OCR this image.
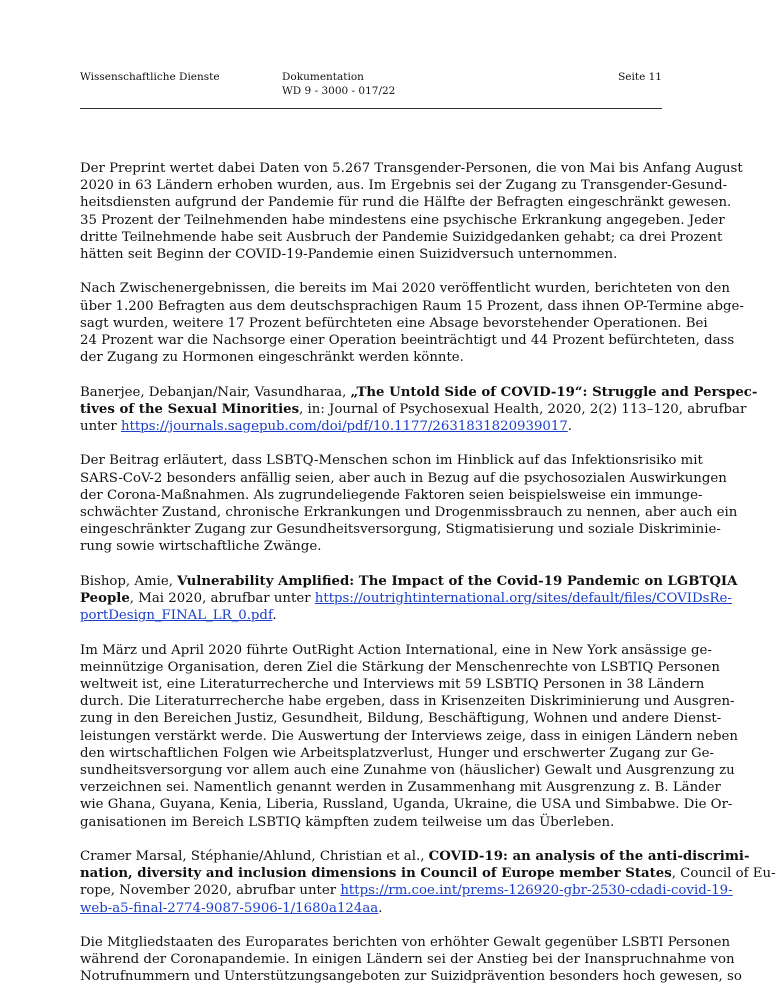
Wissenschaftliche Dienste	Dokumentation
WD 9 - 3000 - 017/22
Seite 11

Der Preprint wertet dabei Daten von 5.267 Transgender-Personen, die von Mai bis Anfang August
2020 in 63 Ländern erhoben wurden, aus. Im Ergebnis sei der Zugang zu Transgender-Gesund-
heitsdiensten aufgrund der Pandemie für rund die Hälfte der Befragten eingeschränkt gewesen.
35 Prozent der Teilnehmenden habe mindestens eine psychische Erkrankung angegeben. Jeder
dritte Teilnehmende habe seit Ausbruch der Pandemie Suizidgedanken gehabt; ca drei Prozent
hätten seit Beginn der COVID-19-Pandemie einen Suizidversuch unternommen.

Nach Zwischenergebnissen, die bereits im Mai 2020 veröffentlicht wurden, berichteten von den
über 1.200 Befragten aus dem deutschsprachigen Raum 15 Prozent, dass ihnen OP-Termine abge-
sagt wurden, weitere 17 Prozent befürchteten eine Absage bevorstehender Operationen. Bei
24 Prozent war die Nachsorge einer Operation beeinträchtigt und 44 Prozent befürchteten, dass
der Zugang zu Hormonen eingeschränkt werden könnte.

Banerjee, Debanjan/Nair, Vasundharaa, „The Untold Side of COVID-19“: Struggle and Perspec-
tives of the Sexual Minorities, in: Journal of Psychosexual Health, 2020, 2(2) 113–120, abrufbar
unter https://journals.sagepub.com/doi/pdf/10.1177/2631831820939017.

Der Beitrag erläutert, dass LSBTQ-Menschen schon im Hinblick auf das Infektionsrisiko mit
SARS-CoV-2 besonders anfällig seien, aber auch in Bezug auf die psychosozialen Auswirkungen
der Corona-Maßnahmen. Als zugrundeliegende Faktoren seien beispielsweise ein immunge-
schwächter Zustand, chronische Erkrankungen und Drogenmissbrauch zu nennen, aber auch ein
eingeschränkter Zugang zur Gesundheitsversorgung, Stigmatisierung und soziale Diskriminie-
rung sowie wirtschaftliche Zwänge.

Bishop, Amie, Vulnerability Amplified: The Impact of the Covid-19 Pandemic on LGBTQIA
People, Mai 2020, abrufbar unter https://outrightinternational.org/sites/default/files/COVIDsRe-
portDesign_FINAL_LR_0.pdf.

Im März und April 2020 führte OutRight Action International, eine in New York ansässige ge-
meinnützige Organisation, deren Ziel die Stärkung der Menschenrechte von LSBTIQ Personen
weltweit ist, eine Literaturrecherche und Interviews mit 59 LSBTIQ Personen in 38 Ländern
durch. Die Literaturrecherche habe ergeben, dass in Krisenzeiten Diskriminierung und Ausgren-
zung in den Bereichen Justiz, Gesundheit, Bildung, Beschäftigung, Wohnen und andere Dienst-
leistungen verstärkt werde. Die Auswertung der Interviews zeige, dass in einigen Ländern neben
den wirtschaftlichen Folgen wie Arbeitsplatzverlust, Hunger und erschwerter Zugang zur Ge-
sundheitsversorgung vor allem auch eine Zunahme von (häuslicher) Gewalt und Ausgrenzung zu
verzeichnen sei. Namentlich genannt werden in Zusammenhang mit Ausgrenzung z. B. Länder
wie Ghana, Guyana, Kenia, Liberia, Russland, Uganda, Ukraine, die USA und Simbabwe. Die Or-
ganisationen im Bereich LSBTIQ kämpften zudem teilweise um das Überleben.

Cramer Marsal, Stéphanie/Ahlund, Christian et al., COVID-19: an analysis of the anti-discrimi-
nation, diversity and inclusion dimensions in Council of Europe member States, Council of Eu-
rope, November 2020, abrufbar unter https://rm.coe.int/prems-126920-gbr-2530-cdadi-covid-19-
web-a5-final-2774-9087-5906-1/1680a124aa.

Die Mitgliedstaaten des Europarates berichten von erhöhter Gewalt gegenüber LSBTI Personen
während der Coronapandemie. In einigen Ländern sei der Anstieg bei der Inanspruchnahme von
Notrufnummern und Unterstützungsangeboten zur Suizidprävention besonders hoch gewesen, so
